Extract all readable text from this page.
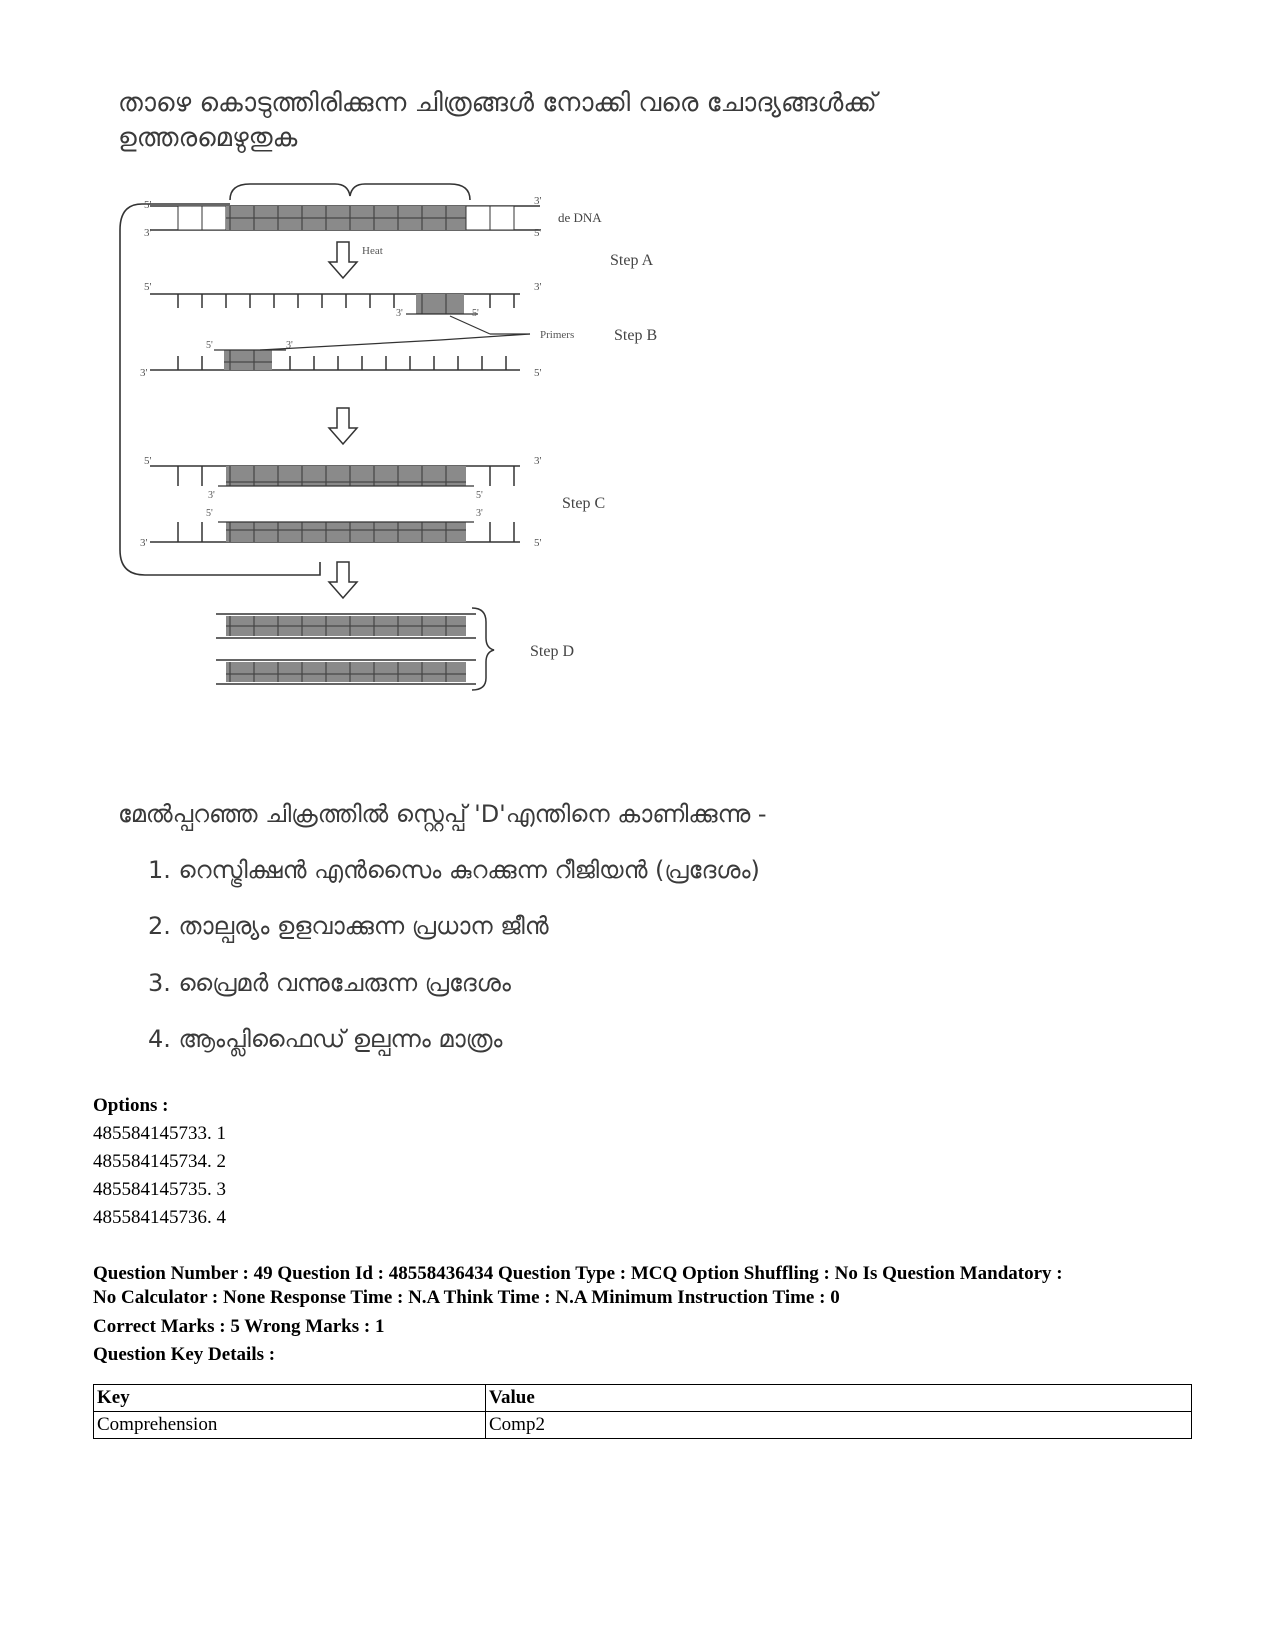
താഴെ കൊടുത്തിരിക്കുന്ന ചിത്രങ്ങൾ നോക്കി വരെ ചോദ്യങ്ങൾക്ക് ഉത്തരമെഴുതുക
5'
3'
3'
5'
de DNA
Step A
Heat
5'	3'
3'	5'
5'	3'
3'	5'
Primers Step B
5'	3'
3'	5'
5'	3'
3'	5'
Step C
Step D
മേൽപ്പറഞ്ഞ ചിക്രത്തിൽ സ്റ്റെപ്പ് 'D'എന്തിനെ കാണിക്കുന്നു -
1. റെസ്ട്രിക്ഷൻ എൻസൈം കുറക്കുന്ന റീജിയൻ (പ്രദേശം)
2. താല്പര്യം ഉളവാക്കുന്ന പ്രധാന ജീൻ
3. പ്രൈമർ വന്നുചേരുന്ന പ്രദേശം
4. ആംപ്ലിഫൈഡ് ഉല്പന്നം മാത്രം
Options :
485584145733. 1
485584145734. 2
485584145735. 3
485584145736. 4
Question Number : 49 Question Id : 48558436434 Question Type : MCQ Option Shuffling : No Is Question Mandatory :
No Calculator : None Response Time : N.A Think Time : N.A Minimum Instruction Time : 0
Correct Marks : 5 Wrong Marks : 1
Question Key Details :
Key	Value
Comprehension	Comp2
